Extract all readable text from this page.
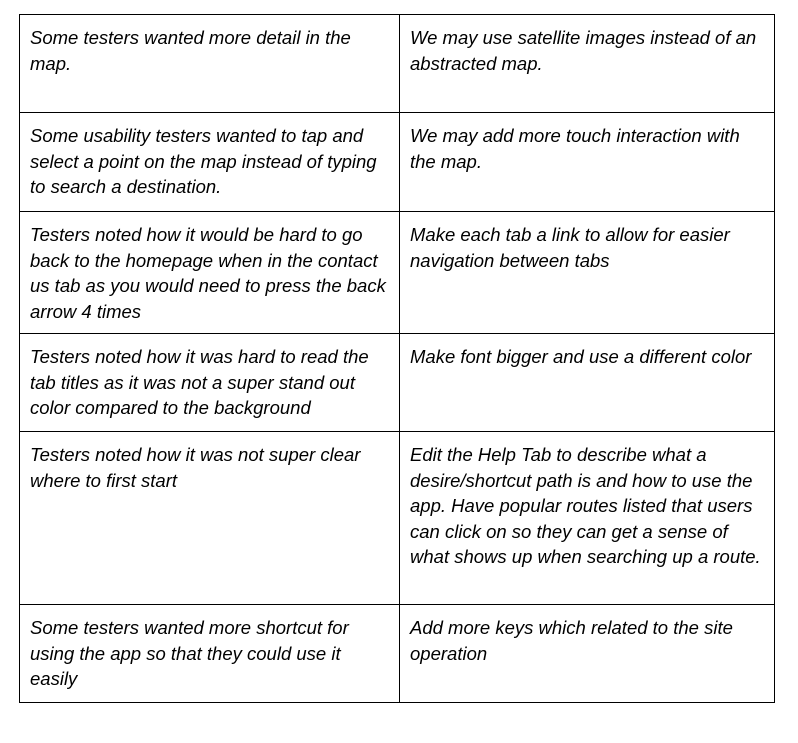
Some testers wanted more detail in the map.	We may use satellite images instead of an abstracted map.
Some usability testers wanted to tap and select a point on the map instead of typing to search a destination.	We may add more touch interaction with the map.
Testers noted how it would be hard to go back to the homepage when in the contact us tab as you would need to press the back arrow 4 times	Make each tab a link to allow for easier navigation between tabs
Testers noted how it was hard to read the tab titles as it was not a super stand out color compared to the background	Make font bigger and use a different color
Testers noted how it was not super clear where to first start	Edit the Help Tab to describe what a desire/shortcut path is and how to use the app. Have popular routes listed that users can click on so they can get a sense of what shows up when searching up a route.
Some testers wanted more shortcut for using the app so that they could use it easily	Add more keys which related to the site operation
